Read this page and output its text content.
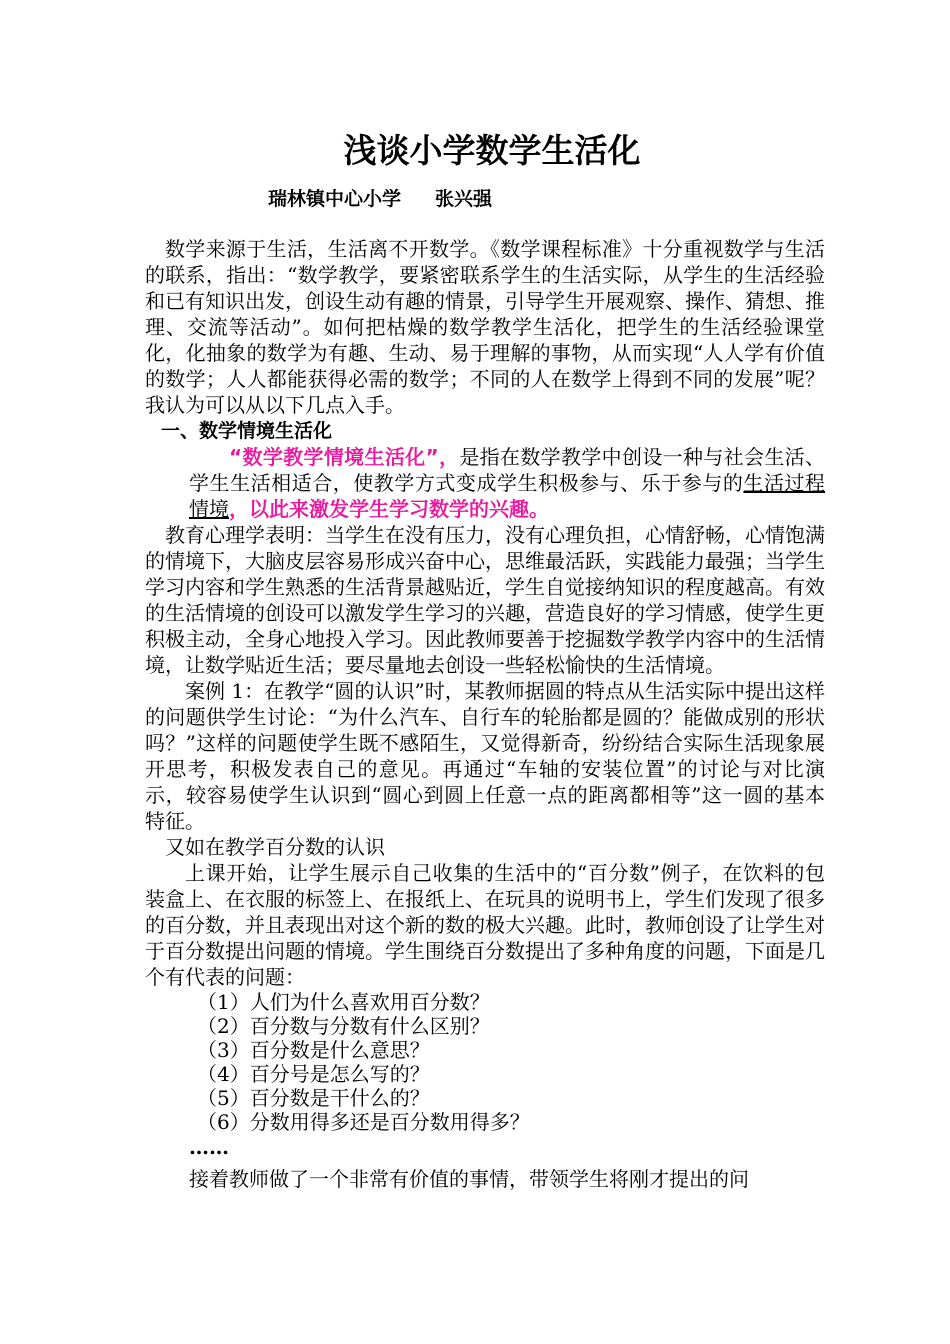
浅谈小学数学生活化
瑞林镇中心小学 张兴强

数学来源于生活，生活离不开数学。《数学课程标准》十分重视数学与生活的联系，指出：“数学教学，要紧密联系学生的生活实际，从学生的生活经验和已有知识出发，创设生动有趣的情景，引导学生开展观察、操作、猜想、推理、交流等活动”。如何把枯燥的数学教学生活化，把学生的生活经验课堂化，化抽象的数学为有趣、生动、易于理解的事物，从而实现“人人学有价值的数学；人人都能获得必需的数学；不同的人在数学上得到不同的发展”呢？我认为可以从以下几点入手。

一、数学情境生活化

“数学教学情境生活化”，是指在数学教学中创设一种与社会生活、学生生活相适合，使教学方式变成学生积极参与、乐于参与的生活过程情境，以此来激发学生学习数学的兴趣。

教育心理学表明：当学生在没有压力，没有心理负担，心情舒畅，心情饱满的情境下，大脑皮层容易形成兴奋中心，思维最活跃，实践能力最强；当学生学习内容和学生熟悉的生活背景越贴近，学生自觉接纳知识的程度越高。有效的生活情境的创设可以激发学生学习的兴趣，营造良好的学习情感，使学生更积极主动，全身心地投入学习。因此教师要善于挖掘数学教学内容中的生活情境，让数学贴近生活；要尽量地去创设一些轻松愉快的生活情境。

案例 1：在教学“圆的认识”时，某教师据圆的特点从生活实际中提出这样的问题供学生讨论：“为什么汽车、自行车的轮胎都是圆的？能做成别的形状吗？”这样的问题使学生既不感陌生，又觉得新奇，纷纷结合实际生活现象展开思考，积极发表自己的意见。再通过“车轴的安装位置”的讨论与对比演示，较容易使学生认识到“圆心到圆上任意一点的距离都相等”这一圆的基本特征。

又如在教学百分数的认识

上课开始，让学生展示自己收集的生活中的“百分数”例子，在饮料的包装盒上、在衣服的标签上、在报纸上、在玩具的说明书上，学生们发现了很多的百分数，并且表现出对这个新的数的极大兴趣。此时，教师创设了让学生对于百分数提出问题的情境。学生围绕百分数提出了多种角度的问题，下面是几个有代表的问题：

（1）人们为什么喜欢用百分数？
（2）百分数与分数有什么区别？
（3）百分数是什么意思？
（4）百分号是怎么写的？
（5）百分数是干什么的？
（6）分数用得多还是百分数用得多？
……

接着教师做了一个非常有价值的事情，带领学生将刚才提出的问
